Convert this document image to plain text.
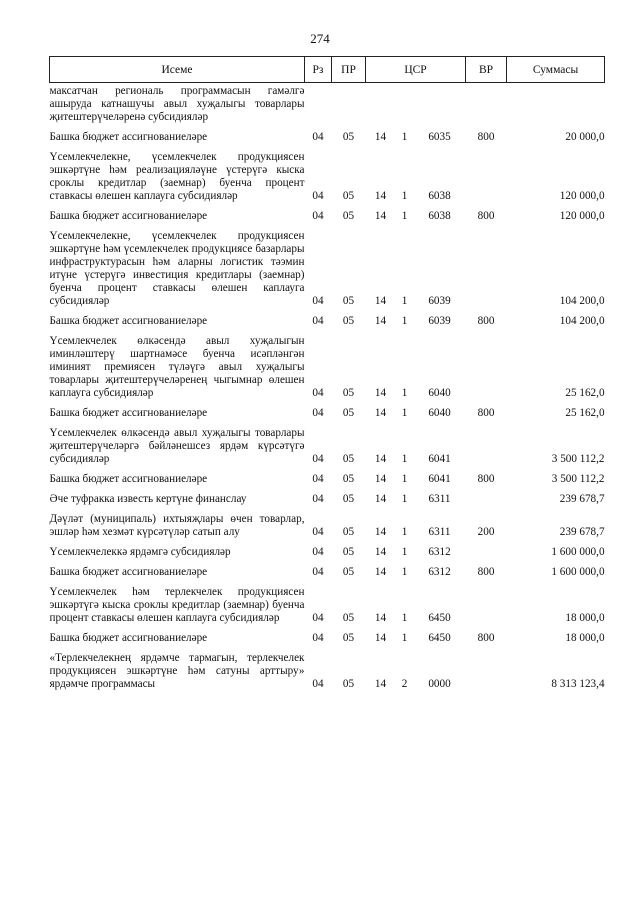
274
Исеме	Рз	ПР	ЦСР			ВР	Суммасы
максатчан региональ программасын гамәлгә ашыруда катнашучы авыл хуҗалыгы товарлары җитештерүчеләренә субсидияләр							
Башка бюджет ассигнованиеләре	04	05	14	1	6035	800	20 000,0
Үсемлекчелекне, үсемлекчелек продукциясен эшкәртүне һәм реализацияләүне үстерүгә кыска сроклы кредитлар (заемнар) буенча процент ставкасы өлешен каплауга субсидияләр	04	05	14	1	6038		120 000,0
Башка бюджет ассигнованиеләре	04	05	14	1	6038	800	120 000,0
Үсемлекчелекне, үсемлекчелек продукциясен эшкәртүне һәм үсемлекчелек продукциясе базарлары инфраструктурасын һәм аларны логистик тәэмин итүне үстерүгә инвестиция кредитлары (заемнар) буенча процент ставкасы өлешен каплауга субсидияләр	04	05	14	1	6039		104 200,0
Башка бюджет ассигнованиеләре	04	05	14	1	6039	800	104 200,0
Үсемлекчелек өлкәсендә авыл хуҗалыгын иминләштерү шартнамәсе буенча исәпләнгән иминият премиясен түләүгә авыл хуҗалыгы товарлары җитештерүчеләренең чыгымнар өлешен каплауга субсидияләр	04	05	14	1	6040		25 162,0
Башка бюджет ассигнованиеләре	04	05	14	1	6040	800	25 162,0
Үсемлекчелек өлкәсендә авыл хуҗалыгы товарлары җитештерүчеләргә бәйләнешсез ярдәм күрсәтүгә субсидияләр	04	05	14	1	6041		3 500 112,2
Башка бюджет ассигнованиеләре	04	05	14	1	6041	800	3 500 112,2
Әче туфракка известь кертүне финанслау	04	05	14	1	6311		239 678,7
Дәүләт (муниципаль) ихтыяҗлары өчен товарлар, эшләр һәм хезмәт күрсәтүләр сатып алу	04	05	14	1	6311	200	239 678,7
Үсемлекчелеккә ярдәмгә субсидияләр	04	05	14	1	6312		1 600 000,0
Башка бюджет ассигнованиеләре	04	05	14	1	6312	800	1 600 000,0
Үсемлекчелек һәм терлекчелек продукциясен эшкәртүгә кыска сроклы кредитлар (заемнар) буенча процент ставкасы өлешен каплауга субсидияләр	04	05	14	1	6450		18 000,0
Башка бюджет ассигнованиеләре	04	05	14	1	6450	800	18 000,0
«Терлекчелекнең ярдәмче тармагын, терлекчелек продукциясен эшкәртүне һәм сатуны арттыру» ярдәмче программасы	04	05	14	2	0000		8 313 123,4
